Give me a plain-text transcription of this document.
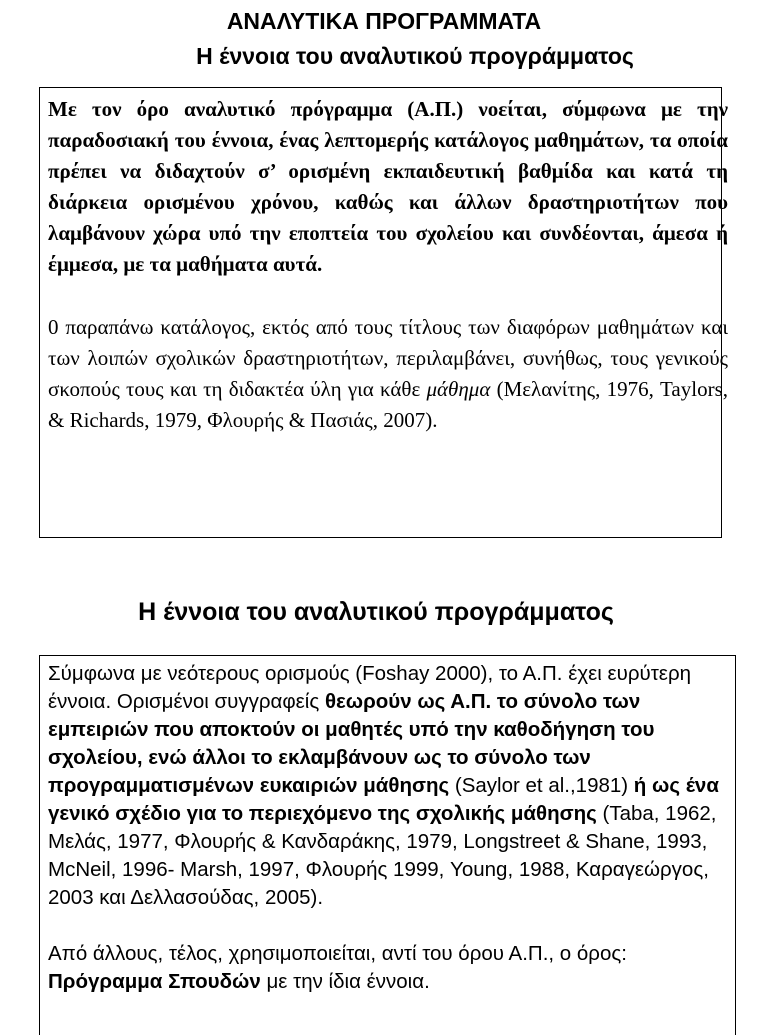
ΑΝΑΛΥΤΙΚΑ ΠΡΟΓΡΑΜΜΑΤΑ
Η έννοια του αναλυτικού προγράμματος

Με τον όρο αναλυτικό πρόγραμμα (Α.Π.) νοείται, σύμφωνα με την παραδοσιακή του έννοια, ένας λεπτομερής κατάλογος μαθημάτων, τα οποία πρέπει να διδαχτούν σ’ ορισμένη εκπαιδευτική βαθμίδα και κατά τη διάρκεια ορισμένου χρόνου, καθώς και άλλων δραστηριοτήτων που λαμβάνουν χώρα υπό την εποπτεία του σχολείου και συνδέονται, άμεσα ή έμμεσα, με τα μαθήματα αυτά.

0 παραπάνω κατάλογος, εκτός από τους τίτλους των διαφόρων μαθημάτων και των λοιπών σχολικών δραστηριοτήτων, περιλαμβάνει, συνήθως, τους γενικούς σκοπούς τους και τη διδακτέα ύλη για κάθε μάθημα (Μελανίτης, 1976, Taylors, & Richards, 1979, Φλουρής & Πασιάς, 2007).

Η έννοια του αναλυτικού προγράμματος

Σύμφωνα με νεότερους ορισμούς (Foshay 2000), το Α.Π. έχει ευρύτερη έννοια. Ορισμένοι συγγραφείς θεωρούν ως Α.Π. το σύνολο των εμπειριών που αποκτούν οι μαθητές υπό την καθοδήγηση του σχολείου, ενώ άλλοι το εκλαμβάνουν ως το σύνολο των προγραμματισμένων ευκαιριών μάθησης (Saylor et al.,1981) ή ως ένα γενικό σχέδιο για το περιεχόμενο της σχολικής μάθησης (Taba, 1962, Μελάς, 1977, Φλουρής & Κανδαράκης, 1979, Longstreet & Shane, 1993, McNeil, 1996- Marsh, 1997, Φλουρής 1999, Young, 1988, Καραγεώργος, 2003 και Δελλασούδας, 2005).

Από άλλους, τέλος, χρησιμοποιείται, αντί του όρου Α.Π., ο όρος: Πρόγραμμα Σπουδών με την ίδια έννοια.
